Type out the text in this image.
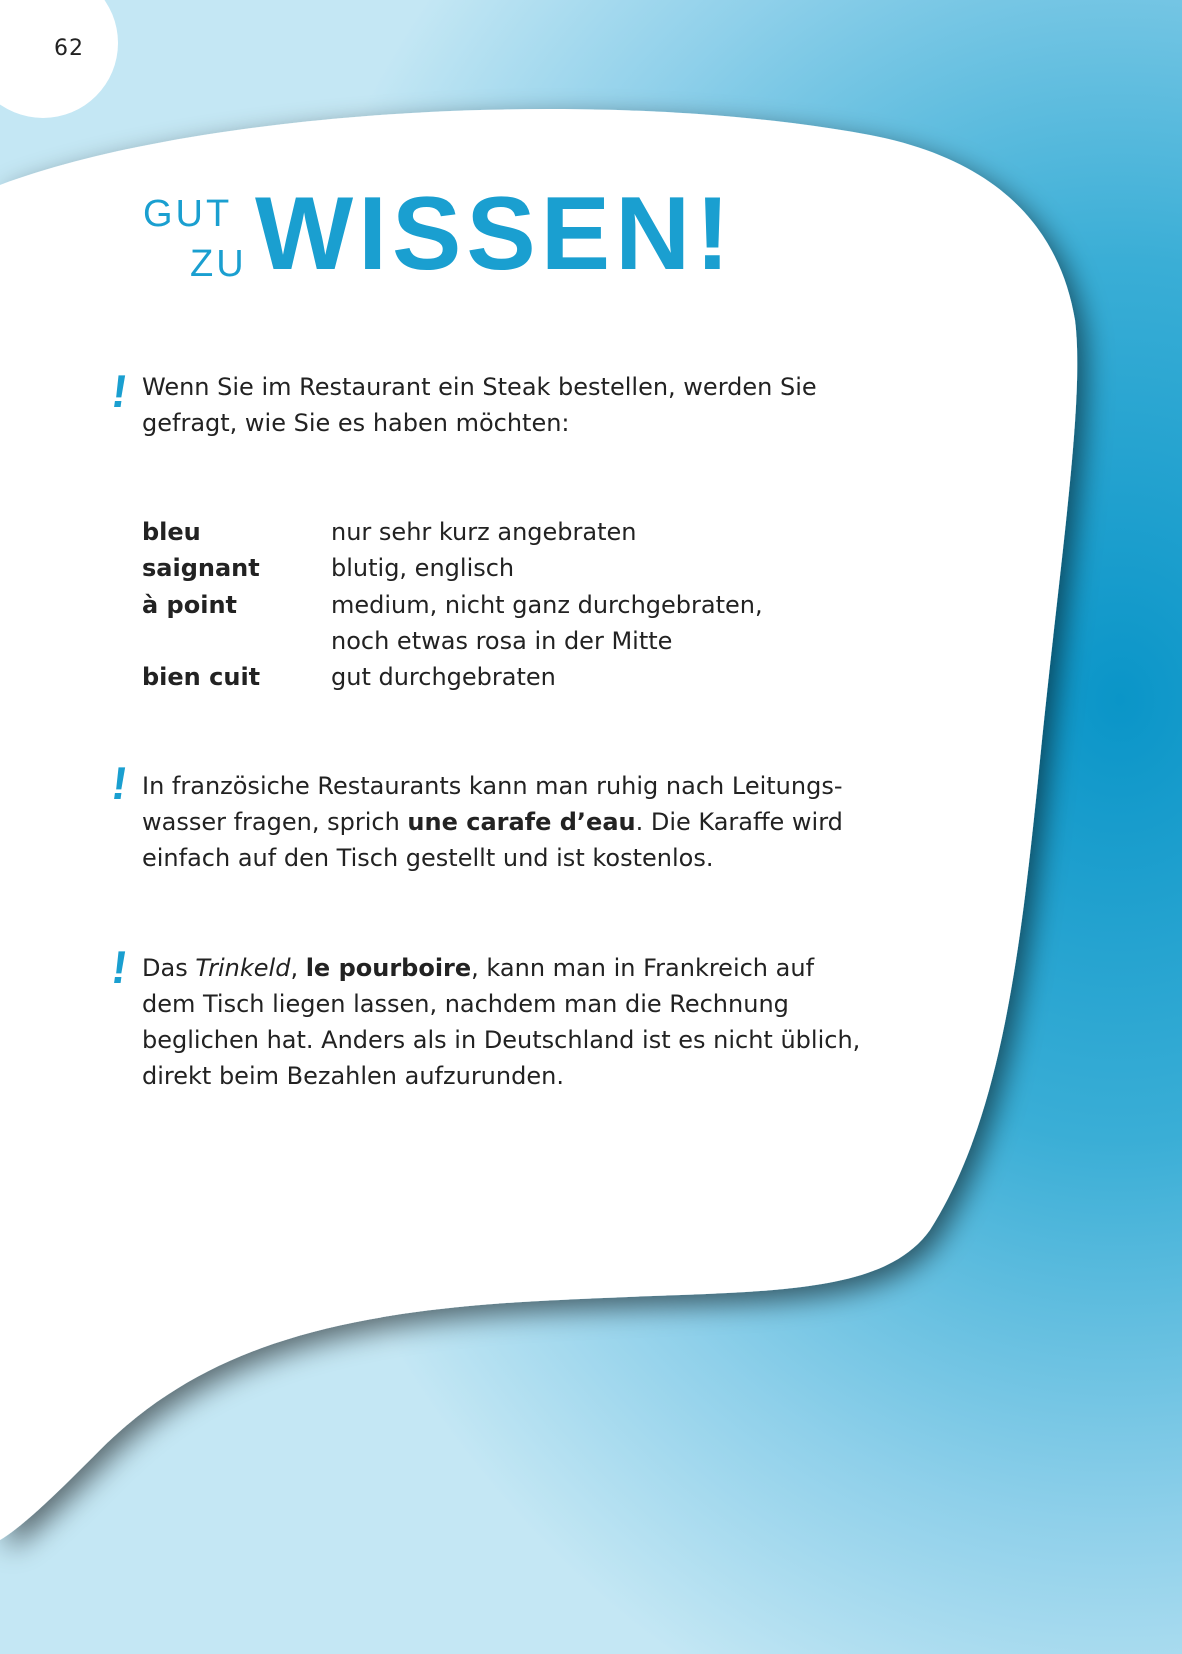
62
GUT
ZU WISSEN!
! Wenn Sie im Restaurant ein Steak bestellen, werden Sie gefragt, wie Sie es haben möchten:
bleu	nur sehr kurz angebraten
saignant	blutig, englisch
à point	medium, nicht ganz durchgebraten,
noch etwas rosa in der Mitte
bien cuit	gut durchgebraten
! In französiche Restaurants kann man ruhig nach Leitungs-wasser fragen, sprich une carafe d’eau. Die Karaffe wird einfach auf den Tisch gestellt und ist kostenlos.
! Das Trinkeld, le pourboire, kann man in Frankreich auf dem Tisch liegen lassen, nachdem man die Rechnung beglichen hat. Anders als in Deutschland ist es nicht üblich, direkt beim Bezahlen aufzurunden.
